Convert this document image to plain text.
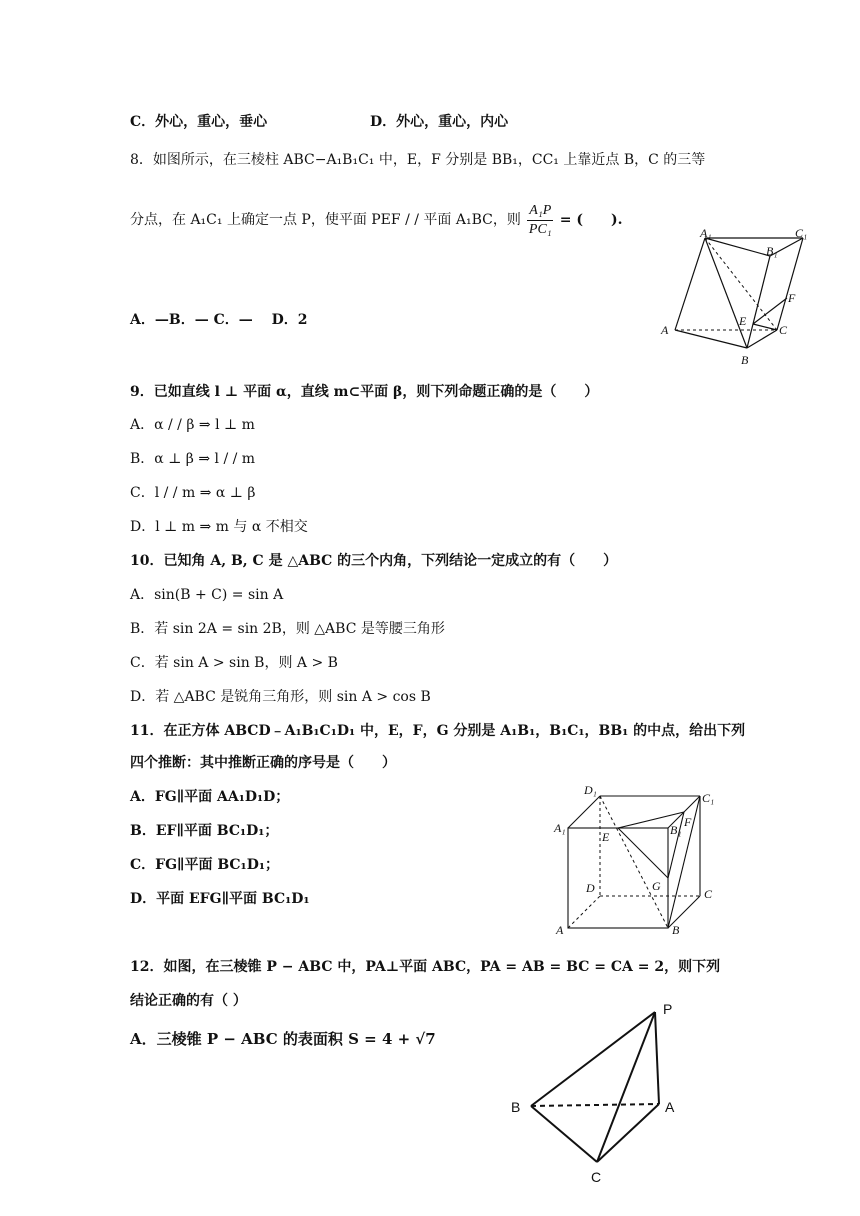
C．外心，重心，垂心	D．外心，重心，内心
8．如图所示，在三棱柱 ABC−A₁B₁C₁ 中，E，F 分别是 BB₁，CC₁ 上靠近点 B，C 的三等
分点，在 A₁C₁ 上确定一点 P，使平面 PEF / / 平面 A₁BC，则 $\frac{\text{A₁P}}{\text{PC₁}}$ = (　　).
A．—B．— C．—　 D．2
A₁
B₁
C₁
A
B
C
E
F
9．已如直线 l ⊥ 平面 α，直线 m⊂平面 β，则下列命题正确的是（　　）
A．α / / β ⇒ l ⊥ m
B．α ⊥ β ⇒ l / / m
C．l / / m ⇒ α ⊥ β
D．l ⊥ m ⇒ m 与 α 不相交
10．已知角 A, B, C 是 △ABC 的三个内角，下列结论一定成立的有（　　）
A．sin(B + C) = sin A
B．若 sin 2A = sin 2B，则 △ABC 是等腰三角形
C．若 sin A > sin B，则 A > B
D．若 △ABC 是锐角三角形，则 sin A > cos B
11．在正方体 ABCD﹣A₁B₁C₁D₁ 中，E，F，G 分别是 A₁B₁，B₁C₁，BB₁ 的中点，给出下列
四个推断：其中推断正确的序号是（　　）
A．FG∥平面 AA₁D₁D；
B．EF∥平面 BC₁D₁；
C．FG∥平面 BC₁D₁；
D．平面 EFG∥平面 BC₁D₁
D₁
C₁
A₁	B₁
E
F
G
D	C
A	B
12．如图，在三棱锥 P − ABC 中，PA⊥平面 ABC，PA = AB = BC = CA = 2，则下列
结论正确的有（ ）
A．三棱锥 P − ABC 的表面积 S = 4 + √7
P
A
B
C
